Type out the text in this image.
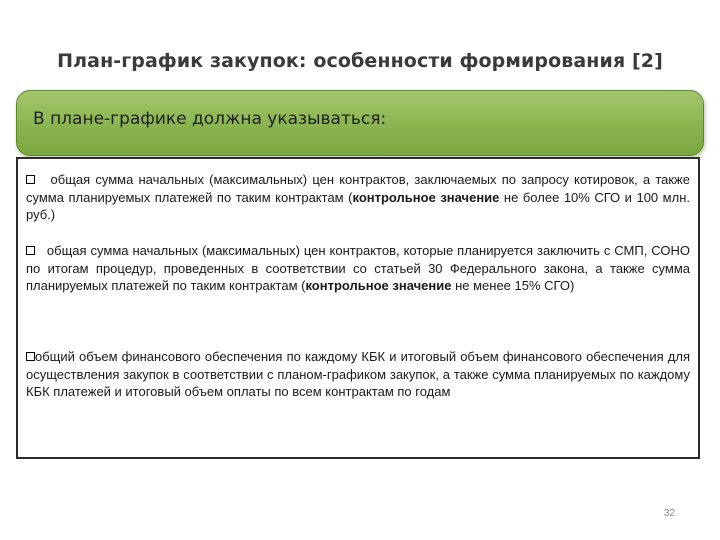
План-график закупок: особенности формирования [2]
В плане-графике должна указываться:
общая сумма начальных (максимальных) цен контрактов, заключаемых по запросу котировок, а также сумма планируемых платежей по таким контрактам (контрольное значение не более 10% СГО и 100 млн. руб.)
общая сумма начальных (максимальных) цен контрактов, которые планируется заключить с СМП, СОНО по итогам процедур, проведенных в соответствии со статьей 30 Федерального закона, а также сумма планируемых платежей по таким контрактам (контрольное значение не менее 15% СГО)
общий объем финансового обеспечения по каждому КБК и итоговый объем финансового обеспечения для осуществления закупок в соответствии с планом-графиком закупок, а также сумма планируемых по каждому КБК платежей и итоговый объем оплаты по всем контрактам по годам
32
